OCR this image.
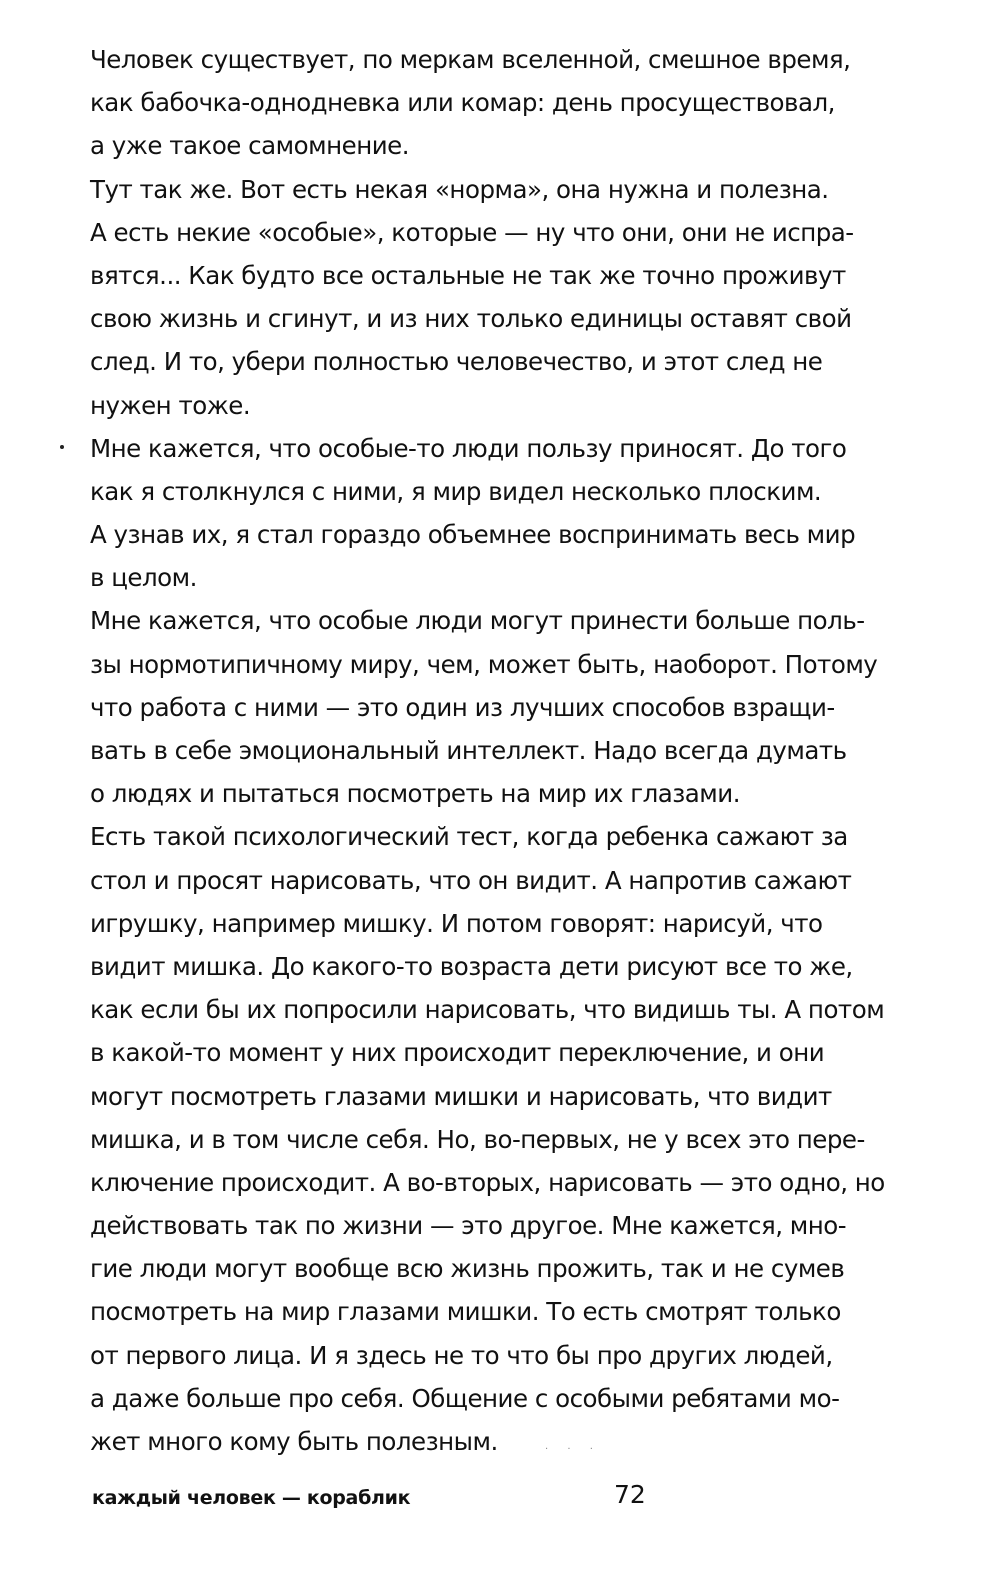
Человек существует, по меркам вселенной, смешное время,
как бабочка-однодневка или комар: день просуществовал,
а уже такое самомнение.
Тут так же. Вот есть некая «норма», она нужна и полезна.
А есть некие «особые», которые — ну что они, они не испра-
вятся... Как будто все остальные не так же точно проживут
свою жизнь и сгинут, и из них только единицы оставят свой
след. И то, убери полностью человечество, и этот след не
нужен тоже.
Мне кажется, что особые-то люди пользу приносят. До того
как я столкнулся с ними, я мир видел несколько плоским.
А узнав их, я стал гораздо объемнее воспринимать весь мир
в целом.
Мне кажется, что особые люди могут принести больше поль-
зы нормотипичному миру, чем, может быть, наоборот. Потому
что работа с ними — это один из лучших способов взращи-
вать в себе эмоциональный интеллект. Надо всегда думать
о людях и пытаться посмотреть на мир их глазами.
Есть такой психологический тест, когда ребенка сажают за
стол и просят нарисовать, что он видит. А напротив сажают
игрушку, например мишку. И потом говорят: нарисуй, что
видит мишка. До какого-то возраста дети рисуют все то же,
как если бы их попросили нарисовать, что видишь ты. А потом
в какой-то момент у них происходит переключение, и они
могут посмотреть глазами мишки и нарисовать, что видит
мишка, и в том числе себя. Но, во-первых, не у всех это пере-
ключение происходит. А во-вторых, нарисовать — это одно, но
действовать так по жизни — это другое. Мне кажется, мно-
гие люди могут вообще всю жизнь прожить, так и не сумев
посмотреть на мир глазами мишки. То есть смотрят только
от первого лица. И я здесь не то что бы про других людей,
а даже больше про себя. Общение с особыми ребятами мо-
жет много кому быть полезным.	· · ·
каждый человек — кораблик	72
